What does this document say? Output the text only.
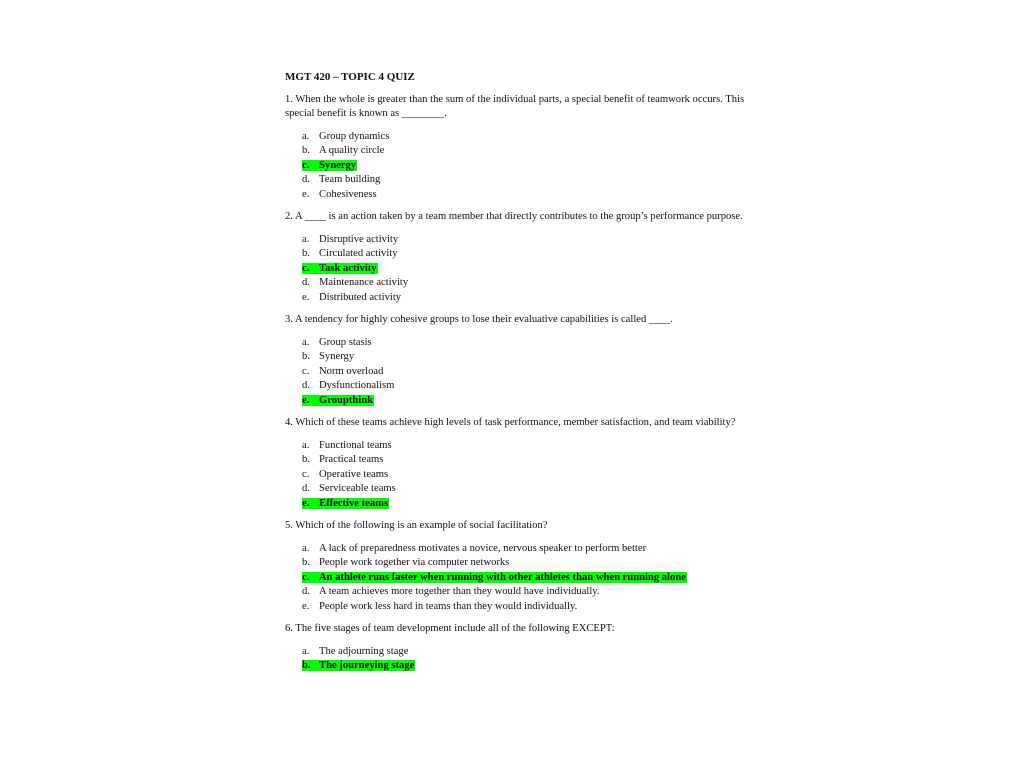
MGT 420 – TOPIC 4 QUIZ

1. When the whole is greater than the sum of the individual parts, a special benefit of teamwork occurs. This special benefit is known as ________.

a. Group dynamics
b. A quality circle
c. Synergy
d. Team building
e. Cohesiveness

2. A ____ is an action taken by a team member that directly contributes to the group’s performance purpose.

a. Disruptive activity
b. Circulated activity
c. Task activity
d. Maintenance activity
e. Distributed activity

3. A tendency for highly cohesive groups to lose their evaluative capabilities is called ____.

a. Group stasis
b. Synergy
c. Norm overload
d. Dysfunctionalism
e. Groupthink

4. Which of these teams achieve high levels of task performance, member satisfaction, and team viability?

a. Functional teams
b. Practical teams
c. Operative teams
d. Serviceable teams
e. Effective teams

5. Which of the following is an example of social facilitation?

a. A lack of preparedness motivates a novice, nervous speaker to perform better
b. People work together via computer networks
c. An athlete runs faster when running with other athletes than when running alone
d. A team achieves more together than they would have individually.
e. People work less hard in teams than they would individually.

6. The five stages of team development include all of the following EXCEPT:

a. The adjourning stage
b. The journeying stage
